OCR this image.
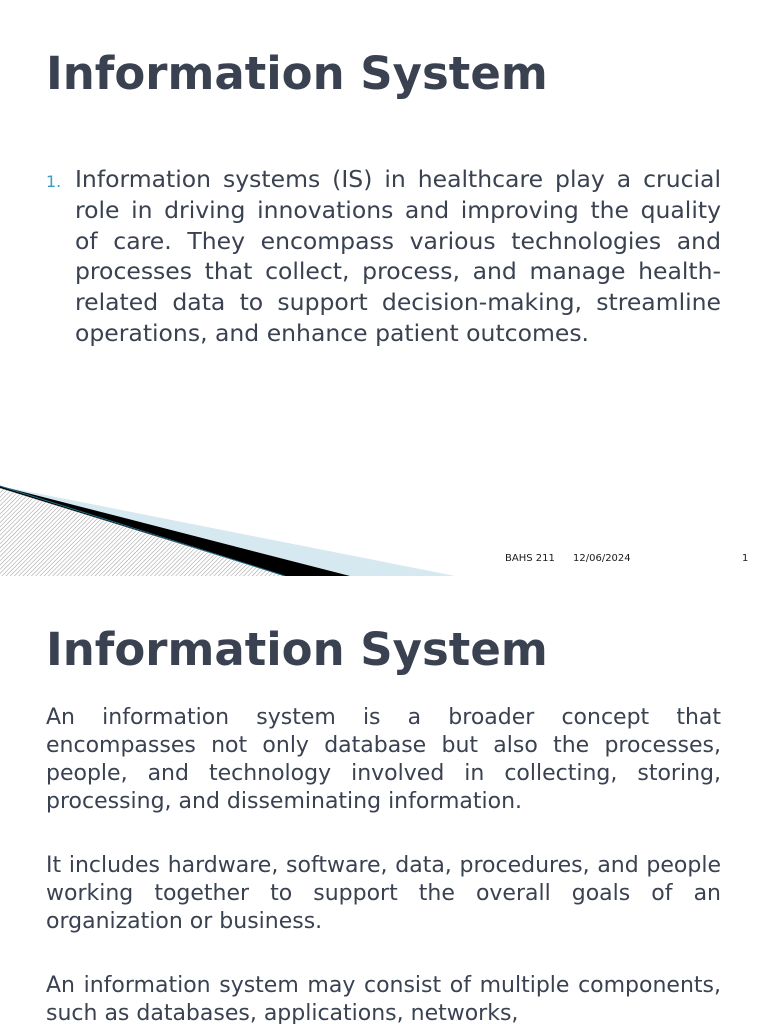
Information System
1. Information systems (IS) in healthcare play a crucial role in driving innovations and improving the quality of care. They encompass various technologies and processes that collect, process, and manage health-related data to support decision-making, streamline operations, and enhance patient outcomes.
BAHS 211 12/06/2024	1
Information System

An information system is a broader concept that encompasses not only database but also the processes, people, and technology involved in collecting, storing, processing, and disseminating information.

It includes hardware, software, data, procedures, and people working together to support the overall goals of an organization or business.

An information system may consist of multiple components, such as databases, applications, networks,
